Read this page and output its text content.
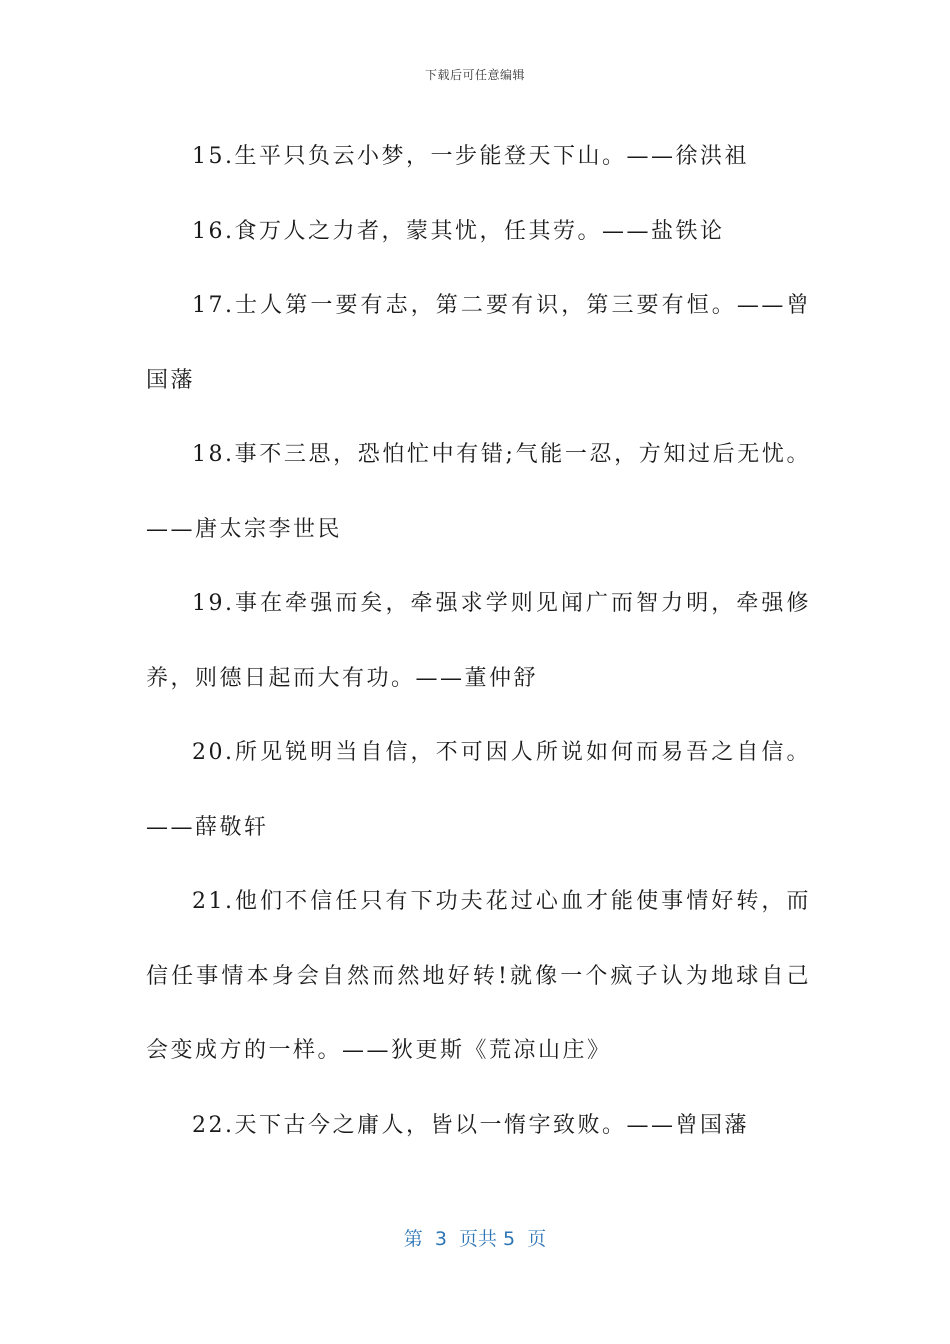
下载后可任意编辑

15.生平只负云小梦，一步能登天下山。——徐洪祖

16.食万人之力者，蒙其忧，任其劳。——盐铁论

17.士人第一要有志，第二要有识，第三要有恒。——曾国藩

18.事不三思，恐怕忙中有错;气能一忍，方知过后无忧。——唐太宗李世民

19.事在牵强而矣，牵强求学则见闻广而智力明，牵强修养，则德日起而大有功。——董仲舒

20.所见锐明当自信，不可因人所说如何而易吾之自信。——薛敬轩

21.他们不信任只有下功夫花过心血才能使事情好转，而信任事情本身会自然而然地好转!就像一个疯子认为地球自己会变成方的一样。——狄更斯《荒凉山庄》

22.天下古今之庸人，皆以一惰字致败。——曾国藩

第  3  页共 5  页
